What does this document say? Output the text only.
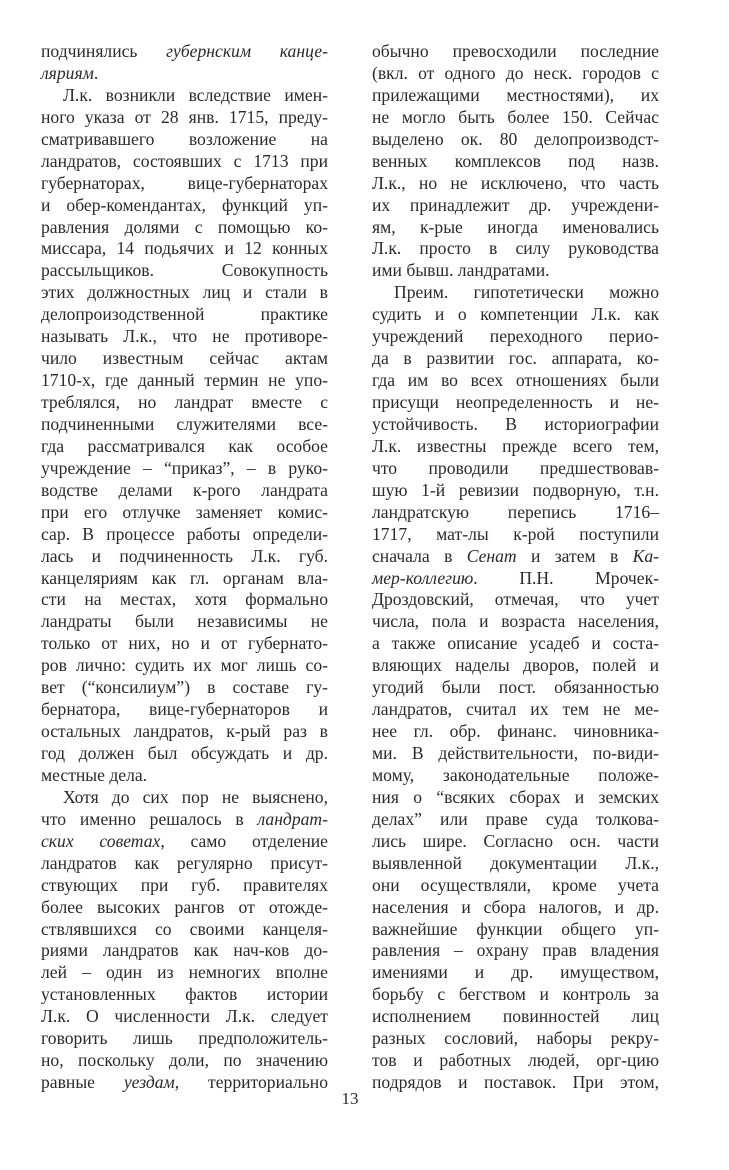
подчинялись губернским канце-
ляриям.
Л.к. возникли вследствие имен-
ного указа от 28 янв. 1715, преду-
сматривавшего возложение на
ландратов, состоявших с 1713 при
губернаторах, вице-губернаторах
и обер-комендантах, функций уп-
равления долями с помощью ко-
миссара, 14 подьячих и 12 конных
рассыльщиков. Совокупность
этих должностных лиц и стали в
делопроизодственной практике
называть Л.к., что не противоре-
чило известным сейчас актам
1710-х, где данный термин не упо-
треблялся, но ландрат вместе с
подчиненными служителями все-
гда рассматривался как особое
учреждение – “приказ”, – в руко-
водстве делами к-рого ландрата
при его отлучке заменяет комис-
сар. В процессе работы определи-
лась и подчиненность Л.к. губ.
канцеляриям как гл. органам вла-
сти на местах, хотя формально
ландраты были независимы не
только от них, но и от губернато-
ров лично: судить их мог лишь со-
вет (“консилиум”) в составе гу-
бернатора, вице-губернаторов и
остальных ландратов, к-рый раз в
год должен был обсуждать и др.
местные дела.
Хотя до сих пор не выяснено,
что именно решалось в ландрат-
ских советах, само отделение
ландратов как регулярно присут-
ствующих при губ. правителях
более высоких рангов от отожде-
ствлявшихся со своими канцеля-
риями ландратов как нач-ков до-
лей – один из немногих вполне
установленных фактов истории
Л.к. О численности Л.к. следует
говорить лишь предположитель-
но, поскольку доли, по значению
равные уездам, территориально
обычно превосходили последние
(вкл. от одного до неск. городов с
прилежащими местностями), их
не могло быть более 150. Сейчас
выделено ок. 80 делопроизводст-
венных комплексов под назв.
Л.к., но не исключено, что часть
их принадлежит др. учреждени-
ям, к-рые иногда именовались
Л.к. просто в силу руководства
ими бывш. ландратами.
Преим. гипотетически можно
судить и о компетенции Л.к. как
учреждений переходного перио-
да в развитии гос. аппарата, ко-
гда им во всех отношениях были
присущи неопределенность и не-
устойчивость. В историографии
Л.к. известны прежде всего тем,
что проводили предшествовав-
шую 1-й ревизии подворную, т.н.
ландратскую перепись 1716–
1717, мат-лы к-рой поступили
сначала в Сенат и затем в Ка-
мер-коллегию. П.Н. Мрочек-
Дроздовский, отмечая, что учет
числа, пола и возраста населения,
а также описание усадеб и соста-
вляющих наделы дворов, полей и
угодий были пост. обязанностью
ландратов, считал их тем не ме-
нее гл. обр. финанс. чиновника-
ми. В действительности, по-види-
мому, законодательные положе-
ния о “всяких сборах и земских
делах” или праве суда толкова-
лись шире. Согласно осн. части
выявленной документации Л.к.,
они осуществляли, кроме учета
населения и сбора налогов, и др.
важнейшие функции общего уп-
равления – охрану прав владения
имениями и др. имуществом,
борьбу с бегством и контроль за
исполнением повинностей лиц
разных сословий, наборы рекру-
тов и работных людей, орг-цию
подрядов и поставок. При этом,
13
